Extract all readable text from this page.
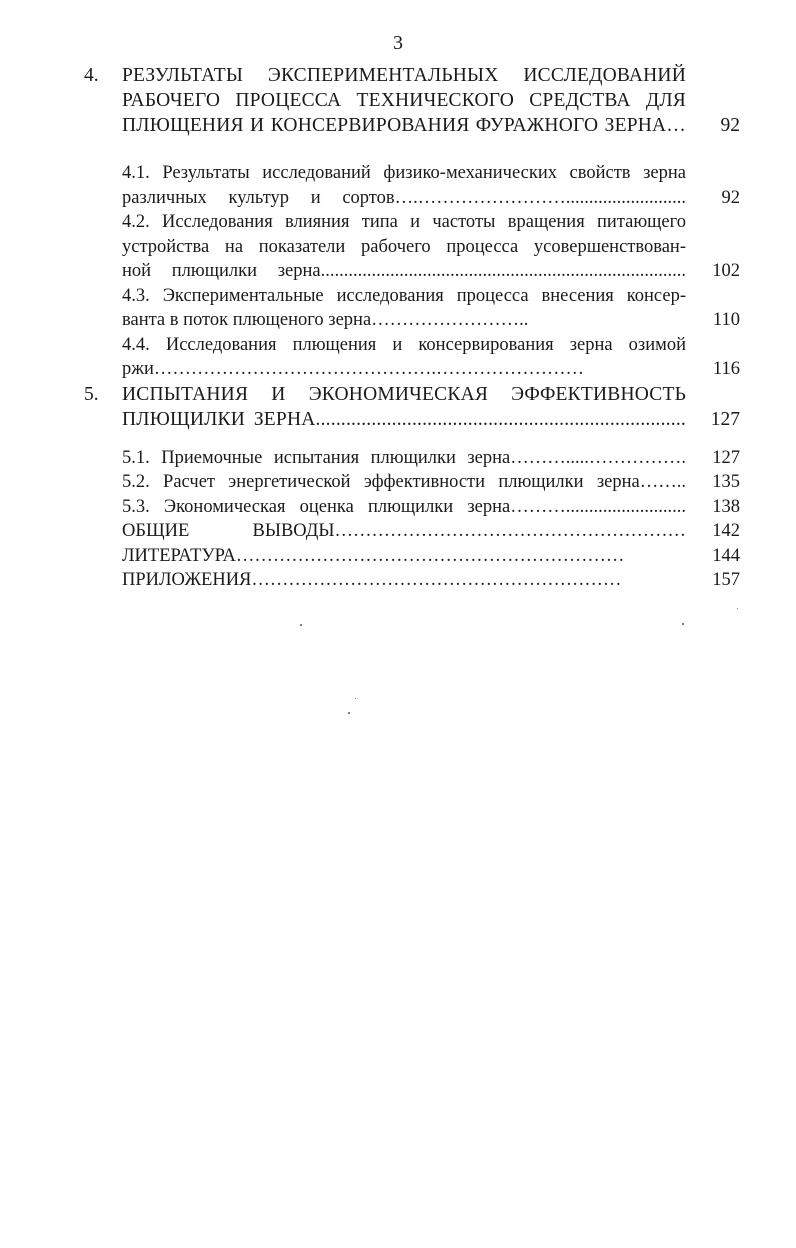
3
4. РЕЗУЛЬТАТЫ ЭКСПЕРИМЕНТАЛЬНЫХ ИССЛЕДОВАНИЙ
РАБОЧЕГО ПРОЦЕССА ТЕХНИЧЕСКОГО СРЕДСТВА ДЛЯ
ПЛЮЩЕНИЯ И КОНСЕРВИРОВАНИЯ ФУРАЖНОГО ЗЕРНА…	92
4.1. Результаты исследований физико-механических свойств зерна
различных культур и сортов….……………………..........................	92
4.2. Исследования влияния типа и частоты вращения питающего
устройства на показатели рабочего процесса усовершенствован-
ной плющилки зерна...............................................................................	102
4.3. Экспериментальные исследования процесса внесения консер-
ванта в поток плющеного зерна……………………..	110
4.4. Исследования плющения и консервирования зерна озимой
ржи……………………………………….……………………	116
5. ИСПЫТАНИЯ И ЭКОНОМИЧЕСКАЯ ЭФФЕКТИВНОСТЬ
ПЛЮЩИЛКИ ЗЕРНА.........................................................................	127
5.1. Приемочные испытания плющилки зерна……….....…………….	127
5.2. Расчет энергетической эффективности плющилки зерна……..	135
5.3. Экономическая оценка плющилки зерна………..........................	138
ОБЩИЕ ВЫВОДЫ…………………………………………………	142
ЛИТЕРАТУРА………………………………………………………	144
ПРИЛОЖЕНИЯ……………………………………………………	157
